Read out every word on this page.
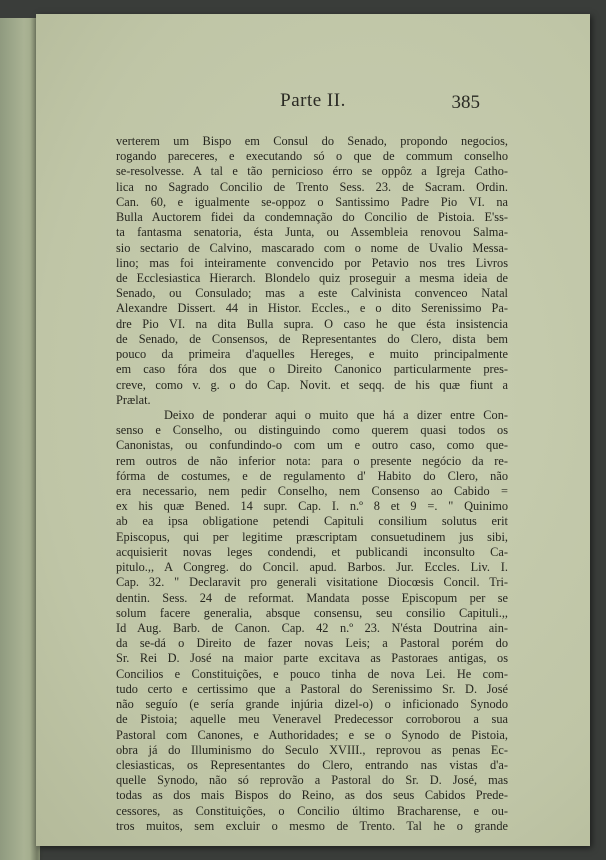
Parte II.	385
verterem um Bispo em Consul do Senado, propondo negocios,
rogando pareceres, e executando só o que de commum conselho
se-resolvesse. A tal e tão pernicioso érro se oppôz a Igreja Catho-
lica no Sagrado Concilio de Trento Sess. 23. de Sacram. Ordin.
Can. 60, e igualmente se-oppoz o Santissimo Padre Pio VI. na
Bulla Auctorem fidei da condemnação do Concilio de Pistoia. E'ss-
ta fantasma senatoria, ésta Junta, ou Assembleia renovou Salma-
sio sectario de Calvino, mascarado com o nome de Uvalio Messa-
lino; mas foi inteiramente convencido por Petavio nos tres Livros
de Ecclesiastica Hierarch. Blondelo quiz proseguir a mesma ideia de
Senado, ou Consulado; mas a este Calvinista convenceo Natal
Alexandre Dissert. 44 in Histor. Eccles., e o dito Serenissimo Pa-
dre Pio VI. na dita Bulla supra. O caso he que ésta insistencia
de Senado, de Consensos, de Representantes do Clero, dista bem
pouco da primeira d'aquelles Hereges, e muito principalmente
em caso fóra dos que o Direito Canonico particularmente pres-
creve, como v. g. o do Cap. Novit. et seqq. de his quæ fiunt a
Prælat.
Deixo de ponderar aqui o muito que há a dizer entre Con-
senso e Conselho, ou distinguindo como querem quasi todos os
Canonistas, ou confundindo-o com um e outro caso, como que-
rem outros de não inferior nota: para o presente negócio da re-
fórma de costumes, e de regulamento d' Habito do Clero, não
era necessario, nem pedir Conselho, nem Consenso ao Cabido =
ex his quæ Bened. 14 supr. Cap. I. n.º 8 et 9 =. " Quinimo
ab ea ipsa obligatione petendi Capituli consilium solutus erit
Episcopus, qui per legitime præscriptam consuetudinem jus sibi,
acquisierit novas leges condendi, et publicandi inconsulto Ca-
pitulo.,, A Congreg. do Concil. apud. Barbos. Jur. Eccles. Liv. I.
Cap. 32. " Declaravit pro generali visitatione Diocœsis Concil. Tri-
dentin. Sess. 24 de reformat. Mandata posse Episcopum per se
solum facere generalia, absque consensu, seu consilio Capituli.,,
Id Aug. Barb. de Canon. Cap. 42 n.º 23. N'ésta Doutrina ain-
da se-dá o Direito de fazer novas Leis; a Pastoral porém do
Sr. Rei D. José na maior parte excitava as Pastoraes antigas, os
Concilios e Constituições, e pouco tinha de nova Lei. He com-
tudo certo e certissimo que a Pastoral do Serenissimo Sr. D. José
não seguío (e sería grande injúria dizel-o) o inficionado Synodo
de Pistoia; aquelle meu Veneravel Predecessor corroborou a sua
Pastoral com Canones, e Authoridades; e se o Synodo de Pistoia,
obra já do Illuminismo do Seculo XVIII., reprovou as penas Ec-
clesiasticas, os Representantes do Clero, entrando nas vistas d'a-
quelle Synodo, não só reprovão a Pastoral do Sr. D. José, mas
todas as dos mais Bispos do Reino, as dos seus Cabidos Prede-
cessores, as Constituições, o Concilio último Bracharense, e ou-
tros muitos, sem excluir o mesmo de Trento. Tal he o grande
